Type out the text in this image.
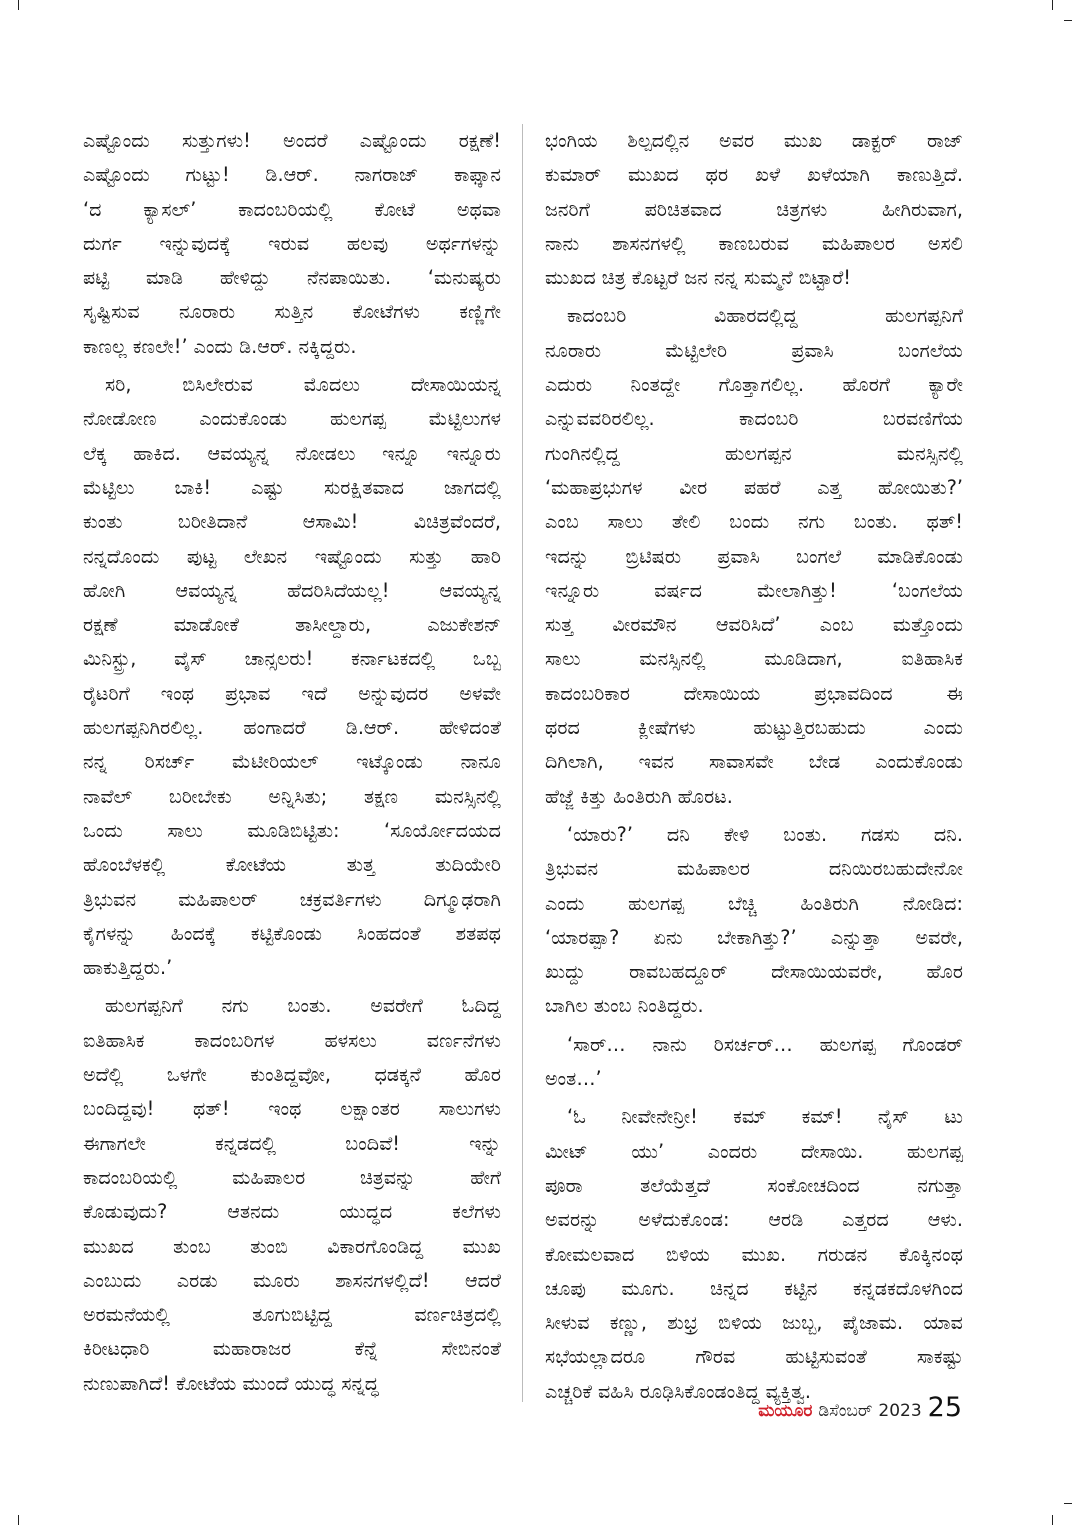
ಎಷ್ಟೊಂದು ಸುತ್ತುಗಳು! ಅಂದರೆ ಎಷ್ಟೊಂದು ರಕ್ಷಣೆ!
ಎಷ್ಟೊಂದು ಗುಟ್ಟು! ಡಿ.ಆರ್. ನಾಗರಾಜ್ ಕಾಫ್ಕಾನ
‘ದ ಕ್ಯಾಸಲ್’ ಕಾದಂಬರಿಯಲ್ಲಿ ಕೋಟೆ ಅಥವಾ
ದುರ್ಗ ಇನ್ನುವುದಕ್ಕೆ ಇರುವ ಹಲವು ಅರ್ಥಗಳನ್ನು
ಪಟ್ಟಿ ಮಾಡಿ ಹೇಳಿದ್ದು ನೆನಪಾಯಿತು. ‘ಮನುಷ್ಯರು
ಸೃಷ್ಟಿಸುವ ನೂರಾರು ಸುತ್ತಿನ ಕೋಟೆಗಳು ಕಣ್ಣಿಗೇ
ಕಾಣಲ್ಲ ಕಣಲೇ!’ ಎಂದು ಡಿ.ಆರ್. ನಕ್ಕಿದ್ದರು.

ಸರಿ, ಬಿಸಿಲೇರುವ ಮೊದಲು ದೇಸಾಯಿಯನ್ನ
ನೋಡೋಣ ಎಂದುಕೊಂಡು ಹುಲಗಪ್ಪ ಮೆಟ್ಟಿಲುಗಳ
ಲೆಕ್ಕ ಹಾಕಿದ. ಆವಯ್ಯನ್ನ ನೋಡಲು ಇನ್ನೂ ಇನ್ನೂರು
ಮೆಟ್ಟಿಲು ಬಾಕಿ! ಎಷ್ಟು ಸುರಕ್ಷಿತವಾದ ಜಾಗದಲ್ಲಿ
ಕುಂತು ಬರೀತಿದಾನೆ ಆಸಾಮಿ! ವಿಚಿತ್ರವೆಂದರೆ,
ನನ್ನದೊಂದು ಪುಟ್ಟ ಲೇಖನ ಇಷ್ಟೊಂದು ಸುತ್ತು ಹಾರಿ
ಹೋಗಿ ಆವಯ್ಯನ್ನ ಹೆದರಿಸಿದೆಯಲ್ಲ! ಆವಯ್ಯನ್ನ
ರಕ್ಷಣೆ ಮಾಡೋಕೆ ತಾಸೀಲ್ದಾರು, ಎಜುಕೇಶನ್
ಮಿನಿಸ್ಟ್ರು, ವೈಸ್ ಚಾನ್ಸಲರು! ಕರ್ನಾಟಕದಲ್ಲಿ ಒಬ್ಬ
ರೈಟರಿಗೆ ಇಂಥ ಪ್ರಭಾವ ಇದೆ ಅನ್ನುವುದರ ಅಳವೇ
ಹುಲಗಪ್ಪನಿಗಿರಲಿಲ್ಲ. ಹಂಗಾದರೆ ಡಿ.ಆರ್. ಹೇಳಿದಂತೆ
ನನ್ನ ರಿಸರ್ಚ್ ಮೆಟೀರಿಯಲ್ ಇಟ್ಕೊಂಡು ನಾನೂ
ನಾವೆಲ್ ಬರೀಬೇಕು ಅನ್ನಿಸಿತು; ತಕ್ಷಣ ಮನಸ್ಸಿನಲ್ಲಿ
ಒಂದು ಸಾಲು ಮೂಡಿಬಿಟ್ಟಿತು: ‘ಸೂರ್ಯೋದಯದ
ಹೊಂಬೆಳಕಲ್ಲಿ ಕೋಟೆಯ ತುತ್ತ ತುದಿಯೇರಿ
ತ್ರಿಭುವನ ಮಹಿಪಾಲರ್ ಚಕ್ರವರ್ತಿಗಳು ದಿಗ್ಮೂಢರಾಗಿ
ಕೈಗಳನ್ನು ಹಿಂದಕ್ಕೆ ಕಟ್ಟಿಕೊಂಡು ಸಿಂಹದಂತೆ ಶತಪಥ
ಹಾಕುತ್ತಿದ್ದರು.’

ಹುಲಗಪ್ಪನಿಗೆ ನಗು ಬಂತು. ಅವರೇಗೆ ಓದಿದ್ದ
ಐತಿಹಾಸಿಕ ಕಾದಂಬರಿಗಳ ಹಳಸಲು ವರ್ಣನೆಗಳು
ಅದೆಲ್ಲಿ ಒಳಗೇ ಕುಂತಿದ್ದವೋ, ಧಡಕ್ಕನೆ ಹೊರ
ಬಂದಿದ್ದವು! ಥತ್! ಇಂಥ ಲಕ್ಷಾಂತರ ಸಾಲುಗಳು
ಈಗಾಗಲೇ ಕನ್ನಡದಲ್ಲಿ ಬಂದಿವೆ! ಇನ್ನು
ಕಾದಂಬರಿಯಲ್ಲಿ ಮಹಿಪಾಲರ ಚಿತ್ರವನ್ನು ಹೇಗೆ
ಕೊಡುವುದು? ಆತನದು ಯುದ್ಧದ ಕಲೆಗಳು
ಮುಖದ ತುಂಬ ತುಂಬಿ ವಿಕಾರಗೊಂಡಿದ್ದ ಮುಖ
ಎಂಬುದು ಎರಡು ಮೂರು ಶಾಸನಗಳಲ್ಲಿದೆ! ಆದರೆ
ಅರಮನೆಯಲ್ಲಿ ತೂಗುಬಿಟ್ಟಿದ್ದ ವರ್ಣಚಿತ್ರದಲ್ಲಿ
ಕಿರೀಟಧಾರಿ ಮಹಾರಾಜರ ಕೆನ್ನೆ ಸೇಬಿನಂತೆ
ನುಣುಪಾಗಿದೆ! ಕೋಟೆಯ ಮುಂದೆ ಯುದ್ಧ ಸನ್ನದ್ಧ

ಭಂಗಿಯ ಶಿಲ್ಪದಲ್ಲಿನ ಅವರ ಮುಖ ಡಾಕ್ಟರ್ ರಾಜ್
ಕುಮಾರ್ ಮುಖದ ಥರ ಖಳೆ ಖಳೆಯಾಗಿ ಕಾಣುತ್ತಿದೆ.
ಜನರಿಗೆ ಪರಿಚಿತವಾದ ಚಿತ್ರಗಳು ಹೀಗಿರುವಾಗ,
ನಾನು ಶಾಸನಗಳಲ್ಲಿ ಕಾಣಬರುವ ಮಹಿಪಾಲರ ಅಸಲಿ
ಮುಖದ ಚಿತ್ರ ಕೊಟ್ಟರೆ ಜನ ನನ್ನ ಸುಮ್ಮನೆ ಬಿಟ್ಟಾರೆ!

ಕಾದಂಬರಿ ವಿಹಾರದಲ್ಲಿದ್ದ ಹುಲಗಪ್ಪನಿಗೆ
ನೂರಾರು ಮೆಟ್ಟಿಲೇರಿ ಪ್ರವಾಸಿ ಬಂಗಲೆಯ
ಎದುರು ನಿಂತದ್ದೇ ಗೊತ್ತಾಗಲಿಲ್ಲ. ಹೊರಗೆ ಕ್ಯಾರೇ
ಎನ್ನುವವರಿರಲಿಲ್ಲ. ಕಾದಂಬರಿ ಬರವಣಿಗೆಯ
ಗುಂಗಿನಲ್ಲಿದ್ದ ಹುಲಗಪ್ಪನ ಮನಸ್ಸಿನಲ್ಲಿ
‘ಮಹಾಪ್ರಭುಗಳ ವೀರ ಪಹರೆ ಎತ್ತ ಹೋಯಿತು?’
ಎಂಬ ಸಾಲು ತೇಲಿ ಬಂದು ನಗು ಬಂತು. ಥತ್!
ಇದನ್ನು ಬ್ರಿಟಿಷರು ಪ್ರವಾಸಿ ಬಂಗಲೆ ಮಾಡಿಕೊಂಡು
ಇನ್ನೂರು ವರ್ಷದ ಮೇಲಾಗಿತ್ತು! ‘ಬಂಗಲೆಯ
ಸುತ್ತ ವೀರಮೌನ ಆವರಿಸಿದೆ’ ಎಂಬ ಮತ್ತೊಂದು
ಸಾಲು ಮನಸ್ಸಿನಲ್ಲಿ ಮೂಡಿದಾಗ, ಐತಿಹಾಸಿಕ
ಕಾದಂಬರಿಕಾರ ದೇಸಾಯಿಯ ಪ್ರಭಾವದಿಂದ ಈ
ಥರದ ಕ್ಲೀಷೆಗಳು ಹುಟ್ಟುತ್ತಿರಬಹುದು ಎಂದು
ದಿಗಿಲಾಗಿ, ಇವನ ಸಾವಾಸವೇ ಬೇಡ ಎಂದುಕೊಂಡು
ಹೆಜ್ಜೆ ಕಿತ್ತು ಹಿಂತಿರುಗಿ ಹೊರಟ.

‘ಯಾರು?’ ದನಿ ಕೇಳಿ ಬಂತು. ಗಡಸು ದನಿ.
ತ್ರಿಭುವನ ಮಹಿಪಾಲರ ದನಿಯಿರಬಹುದೇನೋ
ಎಂದು ಹುಲಗಪ್ಪ ಬೆಚ್ಚಿ ಹಿಂತಿರುಗಿ ನೋಡಿದ:
‘ಯಾರಪ್ಪಾ? ಏನು ಬೇಕಾಗಿತ್ತು?’ ಎನ್ನುತ್ತಾ ಅವರೇ,
ಖುದ್ದು ರಾವಬಹದ್ದೂರ್ ದೇಸಾಯಿಯವರೇ, ಹೊರ
ಬಾಗಿಲ ತುಂಬ ನಿಂತಿದ್ದರು.

‘ಸಾರ್… ನಾನು ರಿಸರ್ಚರ್… ಹುಲಗಪ್ಪ ಗೊಂಡರ್
ಅಂತ…’

‘ಓ ನೀವೇನೇನ್ರೀ! ಕಮ್ ಕಮ್! ನೈಸ್ ಟು
ಮೀಟ್ ಯು’ ಎಂದರು ದೇಸಾಯಿ. ಹುಲಗಪ್ಪ
ಪೂರಾ ತಲೆಯೆತ್ತದೆ ಸಂಕೋಚದಿಂದ ನಗುತ್ತಾ
ಅವರನ್ನು ಅಳೆದುಕೊಂಡ: ಆರಡಿ ಎತ್ತರದ ಆಳು.
ಕೋಮಲವಾದ ಬಿಳಿಯ ಮುಖ. ಗರುಡನ ಕೊಕ್ಕಿನಂಥ
ಚೂಪು ಮೂಗು. ಚಿನ್ನದ ಕಟ್ಟಿನ ಕನ್ನಡಕದೊಳಗಿಂದ
ಸೀಳುವ ಕಣ್ಣು, ಶುಭ್ರ ಬಿಳಿಯ ಜುಬ್ಬ, ಪೈಜಾಮ. ಯಾವ
ಸಭೆಯಲ್ಲಾದರೂ ಗೌರವ ಹುಟ್ಟಿಸುವಂತೆ ಸಾಕಷ್ಟು
ಎಚ್ಚರಿಕೆ ವಹಿಸಿ ರೂಢಿಸಿಕೊಂಡಂತಿದ್ದ ವ್ಯಕ್ತಿತ್ವ.

ಮಯೂರ ಡಿಸೆಂಬರ್ 2023 25
